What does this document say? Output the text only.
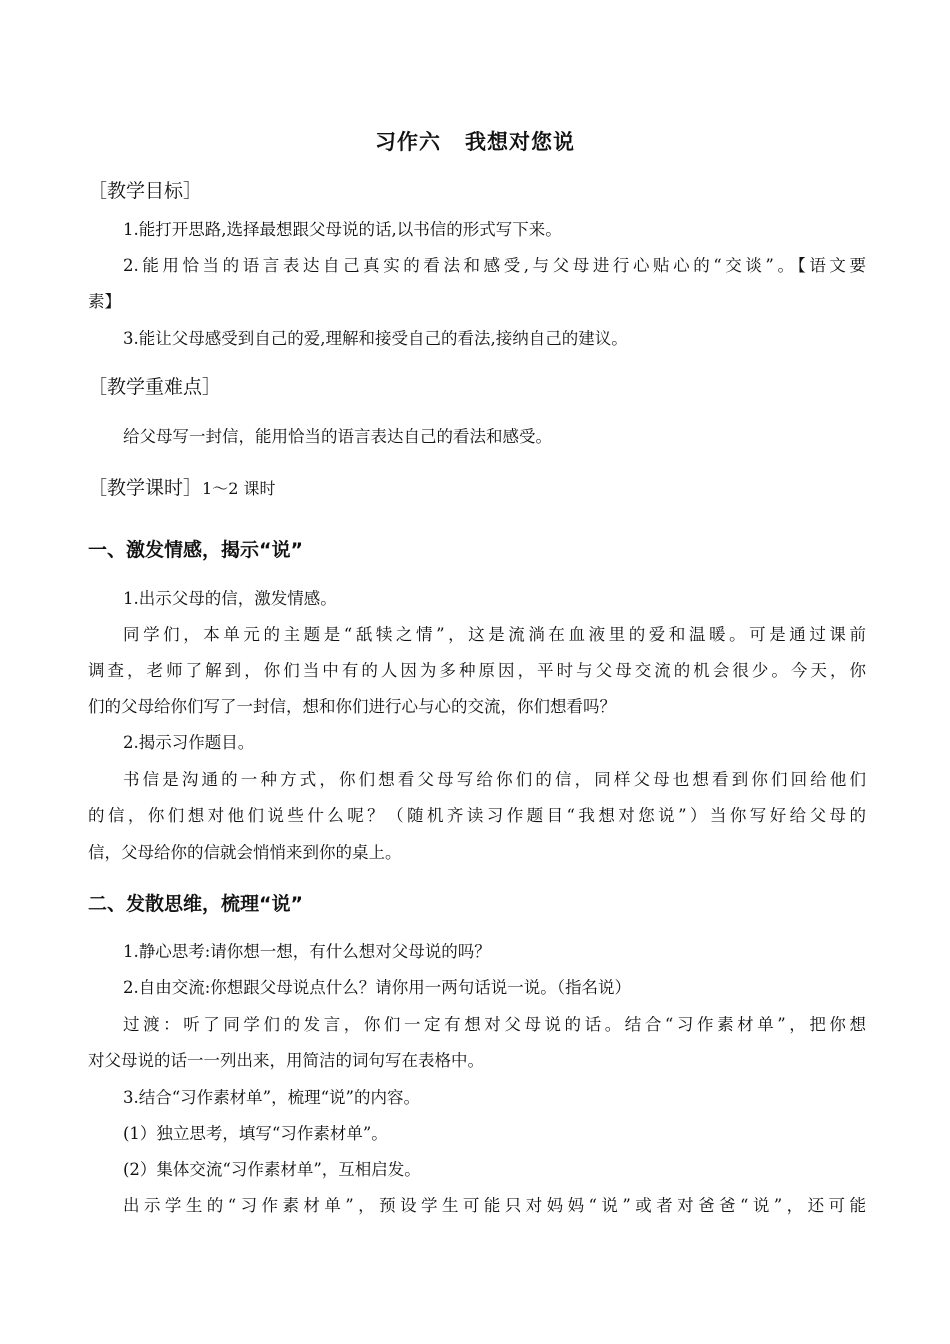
习作六 我想对您说
［教学目标］
1.能打开思路,选择最想跟父母说的话,以书信的形式写下来。
2.能用恰当的语言表达自己真实的看法和感受,与父母进行心贴心的“交谈”。【语文要
素】
3.能让父母感受到自己的爱,理解和接受自己的看法,接纳自己的建议。
［教学重难点］
给父母写一封信，能用恰当的语言表达自己的看法和感受。
［教学课时］1～2 课时
一、激发情感，揭示“说”
1.出示父母的信，激发情感。
同学们，本单元的主题是“舐犊之情”，这是流淌在血液里的爱和温暖。可是通过课前
调查，老师了解到，你们当中有的人因为多种原因，平时与父母交流的机会很少。今天，你
们的父母给你们写了一封信，想和你们进行心与心的交流，你们想看吗？
2.揭示习作题目。
书信是沟通的一种方式，你们想看父母写给你们的信，同样父母也想看到你们回给他们
的信，你们想对他们说些什么呢？（随机齐读习作题目“我想对您说”）当你写好给父母的
信，父母给你的信就会悄悄来到你的桌上。
二、发散思维，梳理“说”
1.静心思考:请你想一想，有什么想对父母说的吗？
2.自由交流:你想跟父母说点什么？请你用一两句话说一说。（指名说）
过渡：听了同学们的发言，你们一定有想对父母说的话。结合“习作素材单”，把你想
对父母说的话一一列出来，用简洁的词句写在表格中。
3.结合“习作素材单”，梳理“说”的内容。
(1）独立思考，填写“习作素材单”。
(2）集体交流“习作素材单”，互相启发。
出示学生的“习作素材单”，预设学生可能只对妈妈“说”或者对爸爸“说”，还可能
